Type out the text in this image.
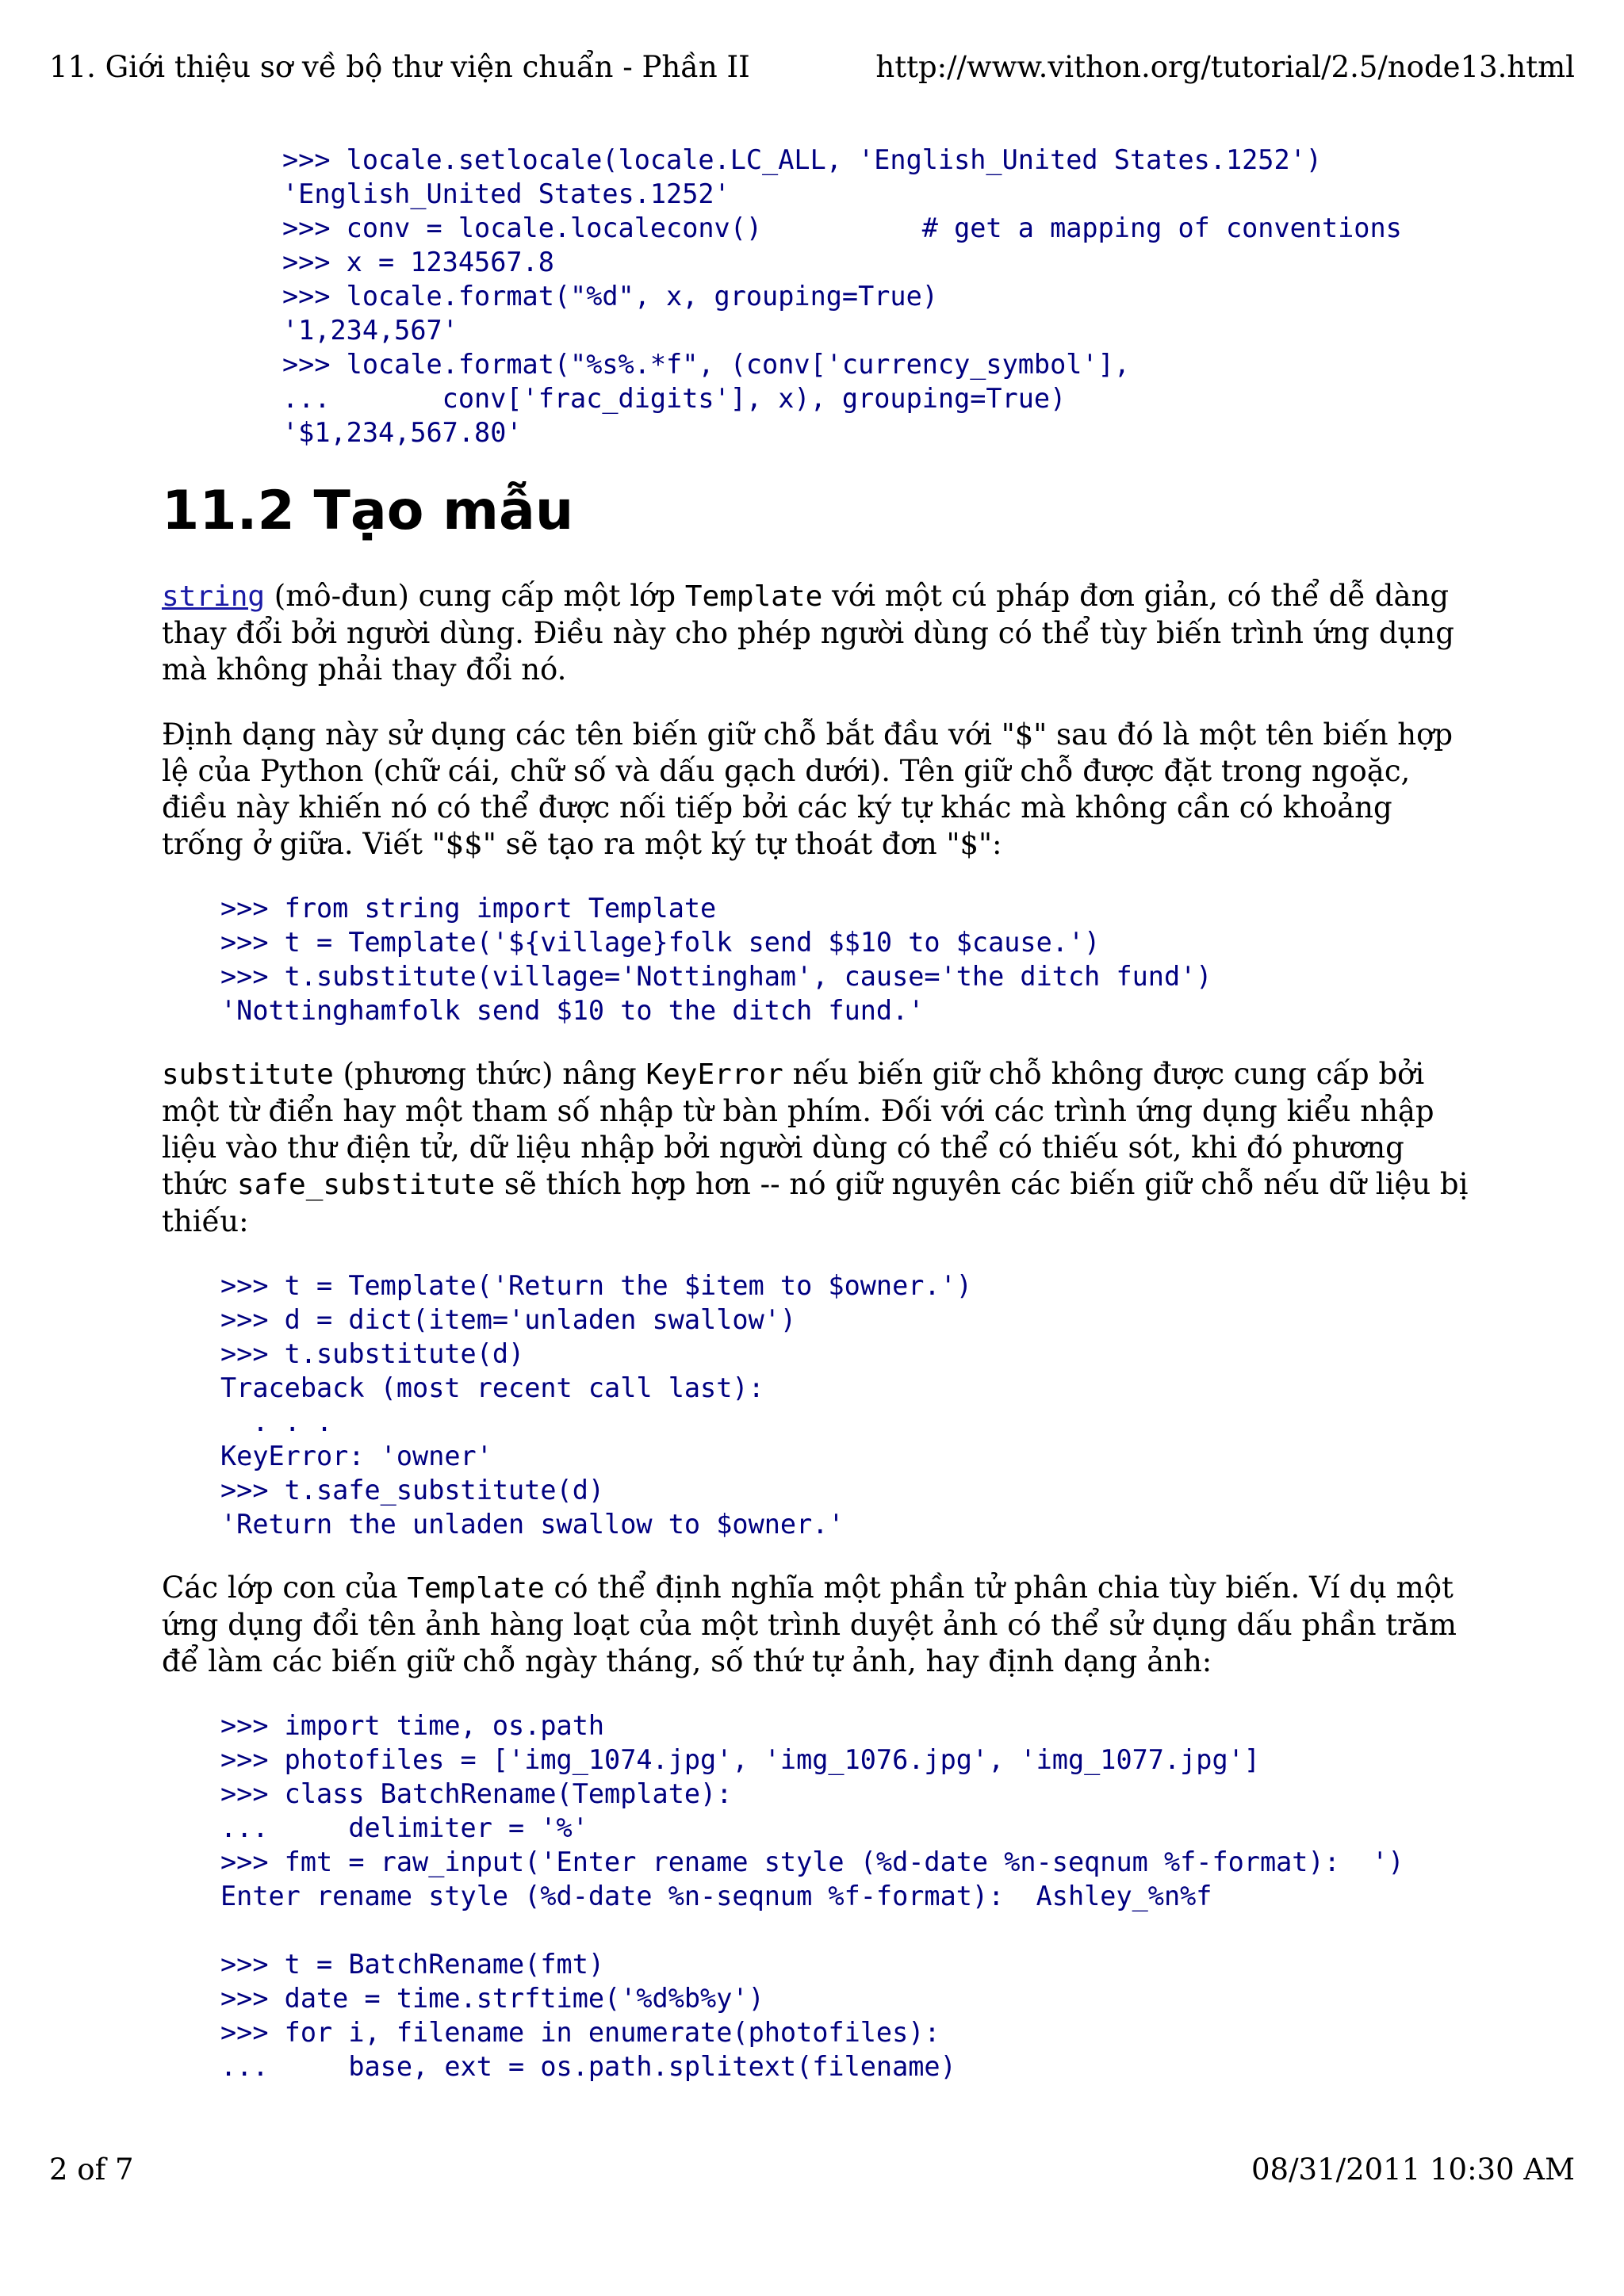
11. Giới thiệu sơ về bộ thư viện chuẩn - Phần II	http://www.vithon.org/tutorial/2.5/node13.html
>>> locale.setlocale(locale.LC_ALL, 'English_United States.1252')
'English_United States.1252'
>>> conv = locale.localeconv()          # get a mapping of conventions
>>> x = 1234567.8
>>> locale.format("%d", x, grouping=True)
'1,234,567'
>>> locale.format("%s%.*f", (conv['currency_symbol'],
...       conv['frac_digits'], x), grouping=True)
'$1,234,567.80'
11.2 Tạo mẫu

string (mô-đun) cung cấp một lớp Template với một cú pháp đơn giản, có thể dễ dàng thay đổi bởi người dùng. Điều này cho phép người dùng có thể tùy biến trình ứng dụng mà không phải thay đổi nó.

Định dạng này sử dụng các tên biến giữ chỗ bắt đầu với "$" sau đó là một tên biến hợp lệ của Python (chữ cái, chữ số và dấu gạch dưới). Tên giữ chỗ được đặt trong ngoặc, điều này khiến nó có thể được nối tiếp bởi các ký tự khác mà không cần có khoảng trống ở giữa. Viết "$$" sẽ tạo ra một ký tự thoát đơn "$":

>>> from string import Template
>>> t = Template('${village}folk send $$10 to $cause.')
>>> t.substitute(village='Nottingham', cause='the ditch fund')
'Nottinghamfolk send $10 to the ditch fund.'

substitute (phương thức) nâng KeyError nếu biến giữ chỗ không được cung cấp bởi một từ điển hay một tham số nhập từ bàn phím. Đối với các trình ứng dụng kiểu nhập liệu vào thư điện tử, dữ liệu nhập bởi người dùng có thể có thiếu sót, khi đó phương thức safe_substitute sẽ thích hợp hơn -- nó giữ nguyên các biến giữ chỗ nếu dữ liệu bị thiếu:

>>> t = Template('Return the $item to $owner.')
>>> d = dict(item='unladen swallow')
>>> t.substitute(d)
Traceback (most recent call last):
. . .
KeyError: 'owner'
>>> t.safe_substitute(d)
'Return the unladen swallow to $owner.'

Các lớp con của Template có thể định nghĩa một phần tử phân chia tùy biến. Ví dụ một ứng dụng đổi tên ảnh hàng loạt của một trình duyệt ảnh có thể sử dụng dấu phần trăm để làm các biến giữ chỗ ngày tháng, số thứ tự ảnh, hay định dạng ảnh:

>>> import time, os.path
>>> photofiles = ['img_1074.jpg', 'img_1076.jpg', 'img_1077.jpg']
>>> class BatchRename(Template):
...     delimiter = '%'
>>> fmt = raw_input('Enter rename style (%d-date %n-seqnum %f-format):  ')
Enter rename style (%d-date %n-seqnum %f-format):  Ashley_%n%f

>>> t = BatchRename(fmt)
>>> date = time.strftime('%d%b%y')
>>> for i, filename in enumerate(photofiles):
...     base, ext = os.path.splitext(filename)
2 of 7	08/31/2011 10:30 AM
